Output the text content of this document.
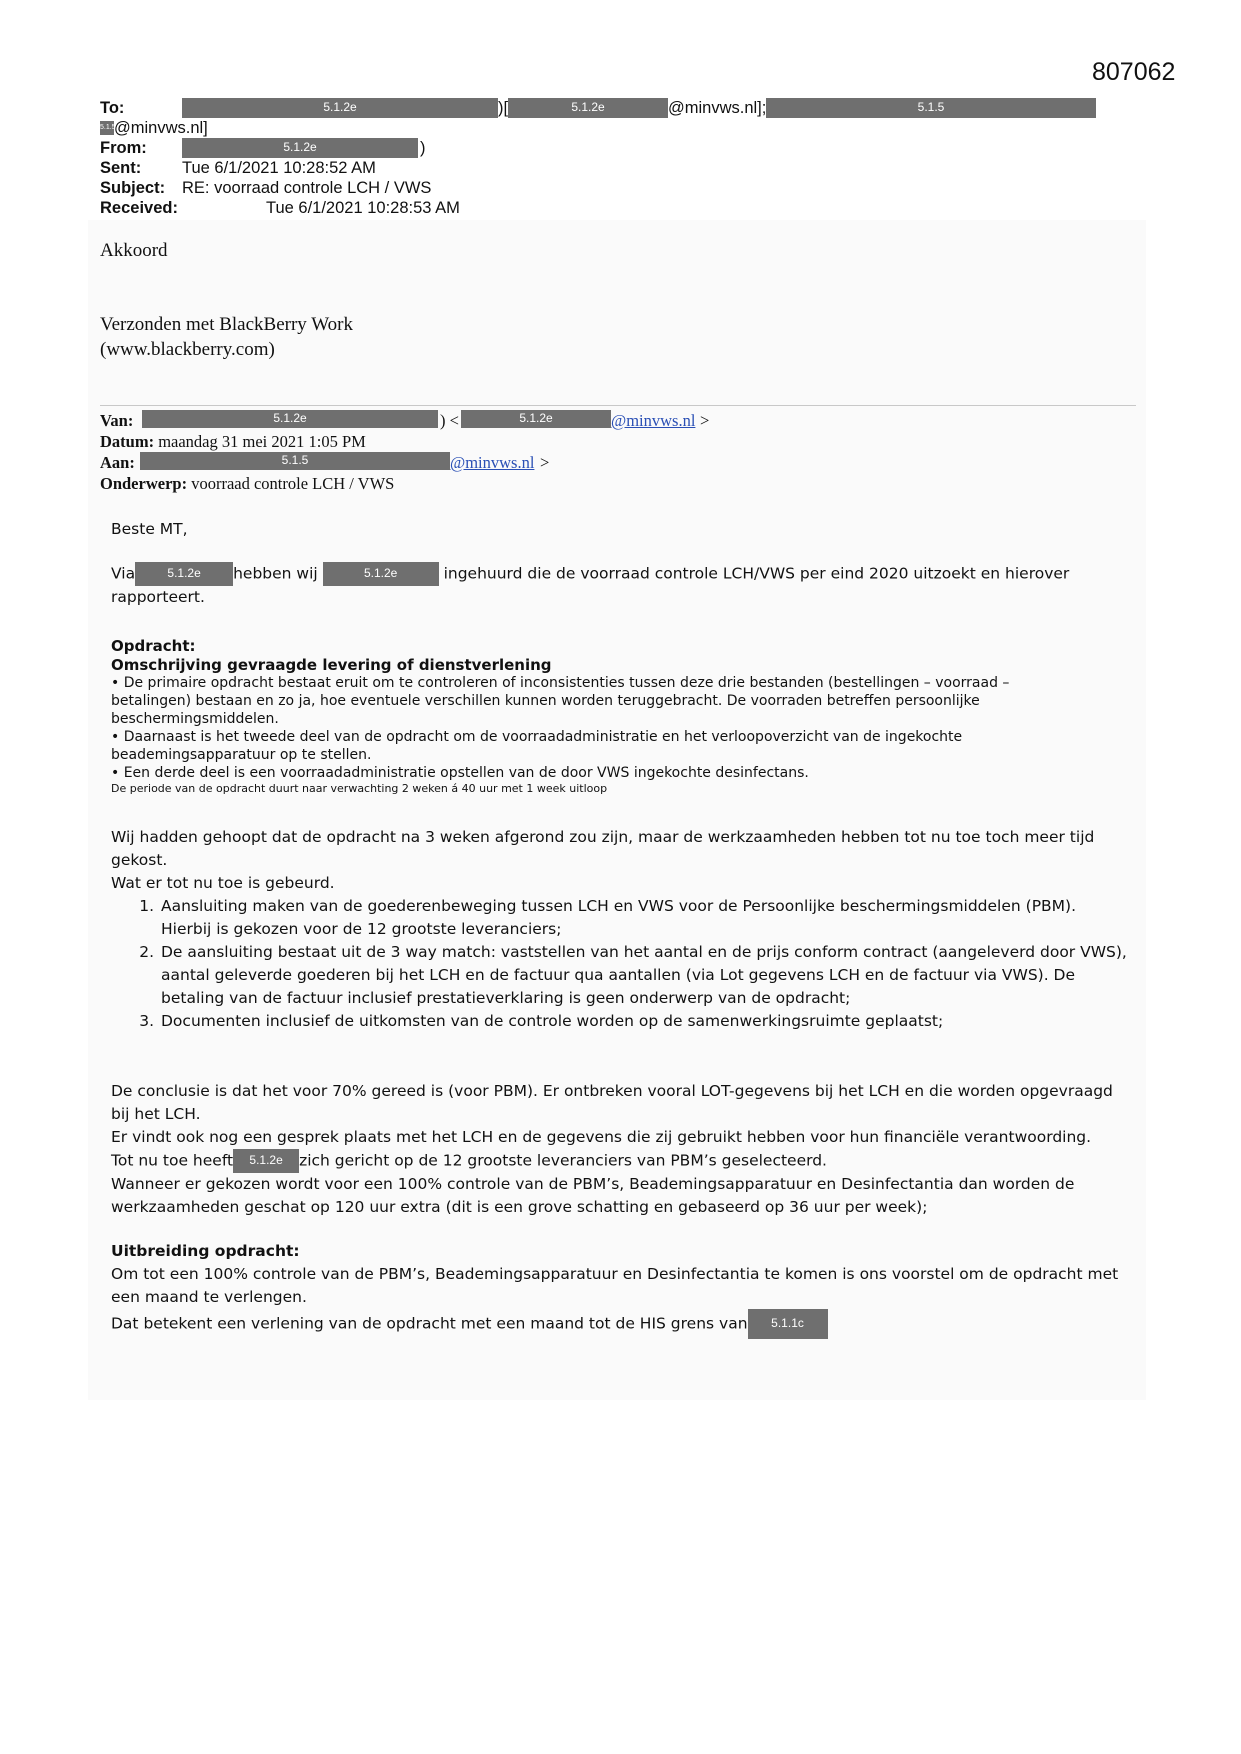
807062
To:	5.1.2e	)[	5.1.2e	@minvws.nl];	5.1.5
5.1.5
@minvws.nl]
From:	5.1.2e	)
Sent: Tue 6/1/2021 10:28:52 AM
Subject: RE: voorraad controle LCH / VWS
Received:	Tue 6/1/2021 10:28:53 AM
Akkoord
Verzonden met BlackBerry Work
(www.blackberry.com)
Van:	5.1.2e	) <	5.1.2e	@minvws.nl >
Datum: maandag 31 mei 2021 1:05 PM
Aan:	5.1.5	@minvws.nl >
Onderwerp: voorraad controle LCH / VWS
Beste MT,
Via	5.1.2e hebben wij	5.1.2e	ingehuurd die de voorraad controle LCH/VWS per eind 2020 uitzoekt en hierover
rapporteert.
Opdracht:
Omschrijving gevraagde levering of dienstverlening
• De primaire opdracht bestaat eruit om te controleren of inconsistenties tussen deze drie bestanden (bestellingen – voorraad – betalingen) bestaan en zo ja, hoe eventuele verschillen kunnen worden teruggebracht. De voorraden betreffen persoonlijke beschermingsmiddelen.
• Daarnaast is het tweede deel van de opdracht om de voorraadadministratie en het verloopoverzicht van de ingekochte beademingsapparatuur op te stellen.
• Een derde deel is een voorraadadministratie opstellen van de door VWS ingekochte desinfectans.
De periode van de opdracht duurt naar verwachting 2 weken á 40 uur met 1 week uitloop
Wij hadden gehoopt dat de opdracht na 3 weken afgerond zou zijn, maar de werkzaamheden hebben tot nu toe toch meer tijd gekost.
Wat er tot nu toe is gebeurd.
1. Aansluiting maken van de goederenbeweging tussen LCH en VWS voor de Persoonlijke beschermingsmiddelen (PBM). Hierbij is gekozen voor de 12 grootste leveranciers;
2. De aansluiting bestaat uit de 3 way match: vaststellen van het aantal en de prijs conform contract (aangeleverd door VWS), aantal geleverde goederen bij het LCH en de factuur qua aantallen (via Lot gegevens LCH en de factuur via VWS). De betaling van de factuur inclusief prestatieverklaring is geen onderwerp van de opdracht;
3. Documenten inclusief de uitkomsten van de controle worden op de samenwerkingsruimte geplaatst;
De conclusie is dat het voor 70% gereed is (voor PBM). Er ontbreken vooral LOT-gegevens bij het LCH en die worden opgevraagd bij het LCH.
Er vindt ook nog een gesprek plaats met het LCH en de gegevens die zij gebruikt hebben voor hun financiële verantwoording.
Tot nu toe heeft 5.1.2e zich gericht op de 12 grootste leveranciers van PBM’s geselecteerd.
Wanneer er gekozen wordt voor een 100% controle van de PBM’s, Beademingsapparatuur en Desinfectantia dan worden de werkzaamheden geschat op 120 uur extra (dit is een grove schatting en gebaseerd op 36 uur per week);
Uitbreiding opdracht:
Om tot een 100% controle van de PBM’s, Beademingsapparatuur en Desinfectantia te komen is ons voorstel om de opdracht met een maand te verlengen.
Dat betekent een verlening van de opdracht met een maand tot de HIS grens van 5.1.1c
